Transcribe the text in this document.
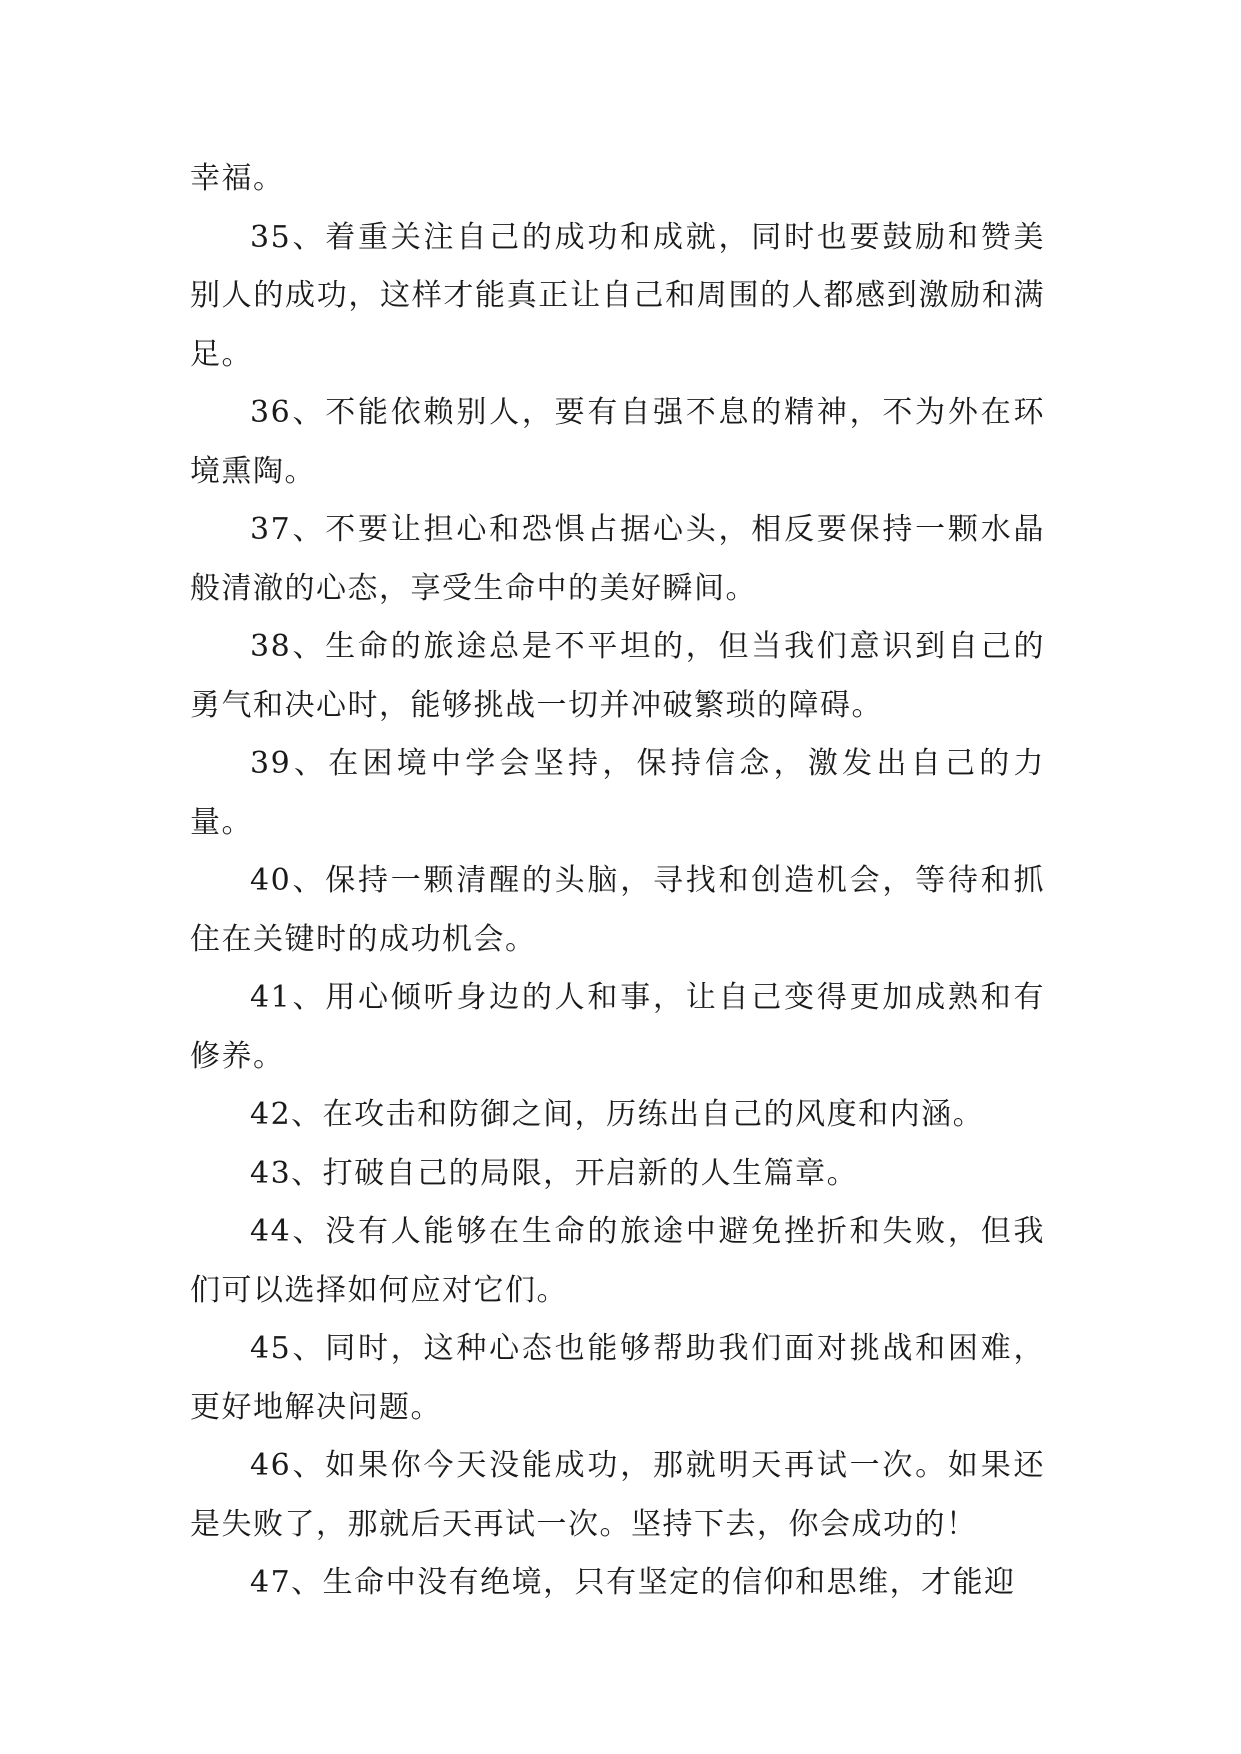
幸福。

35、着重关注自己的成功和成就，同时也要鼓励和赞美别人的成功，这样才能真正让自己和周围的人都感到激励和满足。

36、不能依赖别人，要有自强不息的精神，不为外在环境熏陶。

37、不要让担心和恐惧占据心头，相反要保持一颗水晶般清澈的心态，享受生命中的美好瞬间。

38、生命的旅途总是不平坦的，但当我们意识到自己的勇气和决心时，能够挑战一切并冲破繁琐的障碍。

39、在困境中学会坚持，保持信念，激发出自己的力量。

40、保持一颗清醒的头脑，寻找和创造机会，等待和抓住在关键时的成功机会。

41、用心倾听身边的人和事，让自己变得更加成熟和有修养。

42、在攻击和防御之间，历练出自己的风度和内涵。

43、打破自己的局限，开启新的人生篇章。

44、没有人能够在生命的旅途中避免挫折和失败，但我们可以选择如何应对它们。

45、同时，这种心态也能够帮助我们面对挑战和困难，更好地解决问题。

46、如果你今天没能成功，那就明天再试一次。如果还是失败了，那就后天再试一次。坚持下去，你会成功的！

47、生命中没有绝境，只有坚定的信仰和思维，才能迎
